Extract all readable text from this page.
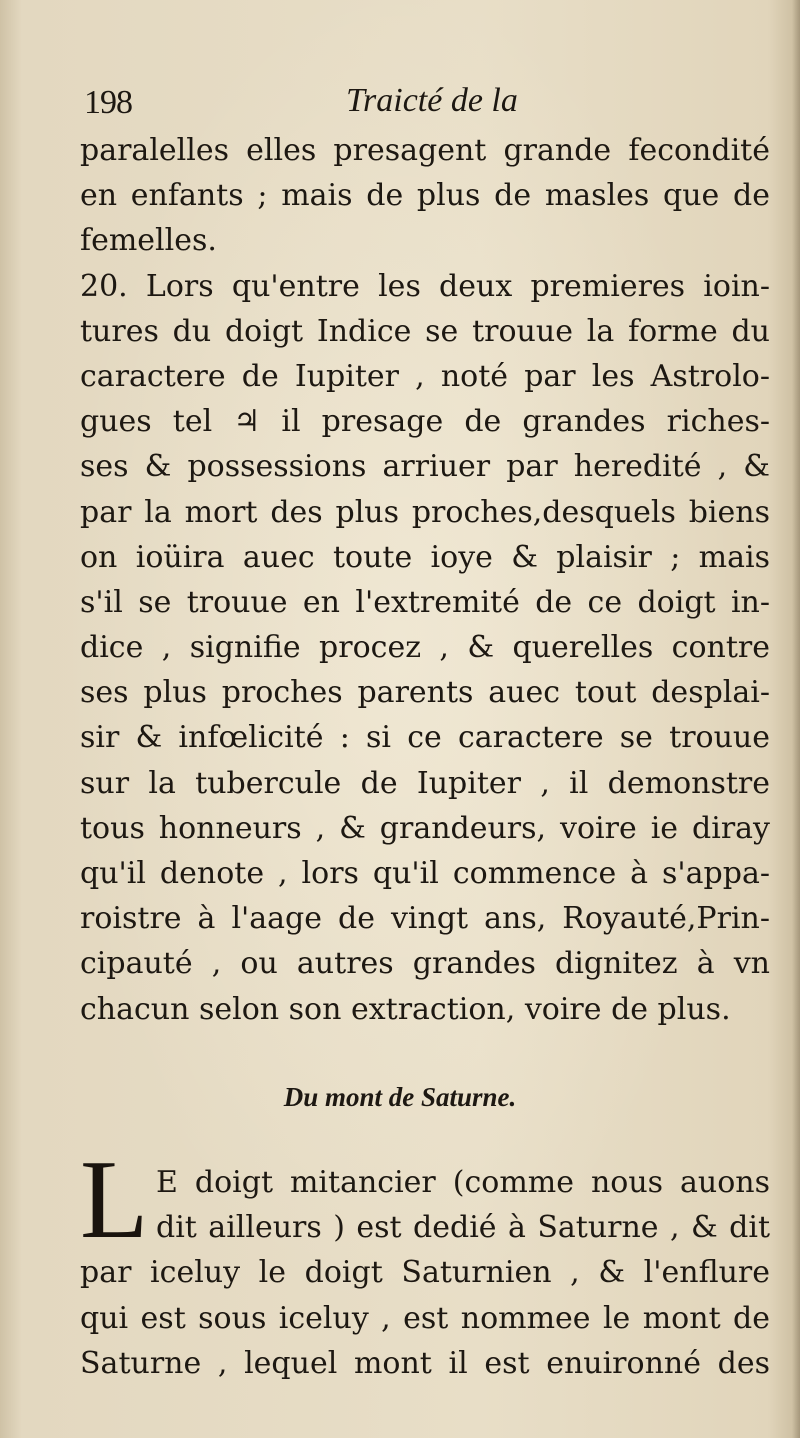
198	Traicté de la
paralelles elles presagent grande fecondité
en enfants ; mais de plus de masles que de
femelles.
20. Lors qu'entre les deux premieres ioin-
tures du doigt Indice se trouue la forme du
caractere de Iupiter , noté par les Astrolo-
gues tel ♃ il presage de grandes riches-
ses & possessions arriuer par heredité , &
par la mort des plus proches,desquels biens
on ioüira auec toute ioye & plaisir ; mais
s'il se trouue en l'extremité de ce doigt in-
dice , signifie procez , & querelles contre
ses plus proches parents auec tout desplai-
sir & infœlicité : si ce caractere se trouue
sur la tubercule de Iupiter , il demonstre
tous honneurs , & grandeurs, voire ie diray
qu'il denote , lors qu'il commence à s'appa-
roistre à l'aage de vingt ans, Royauté,Prin-
cipauté , ou autres grandes dignitez à vn
chacun selon son extraction, voire de plus.
Du mont de Saturne.
L E doigt mitancier (comme nous auons
dit ailleurs ) est dedié à Saturne , & dit
par iceluy le doigt Saturnien , & l'enflure
qui est sous iceluy , est nommee le mont de
Saturne , lequel mont il est enuironné des
